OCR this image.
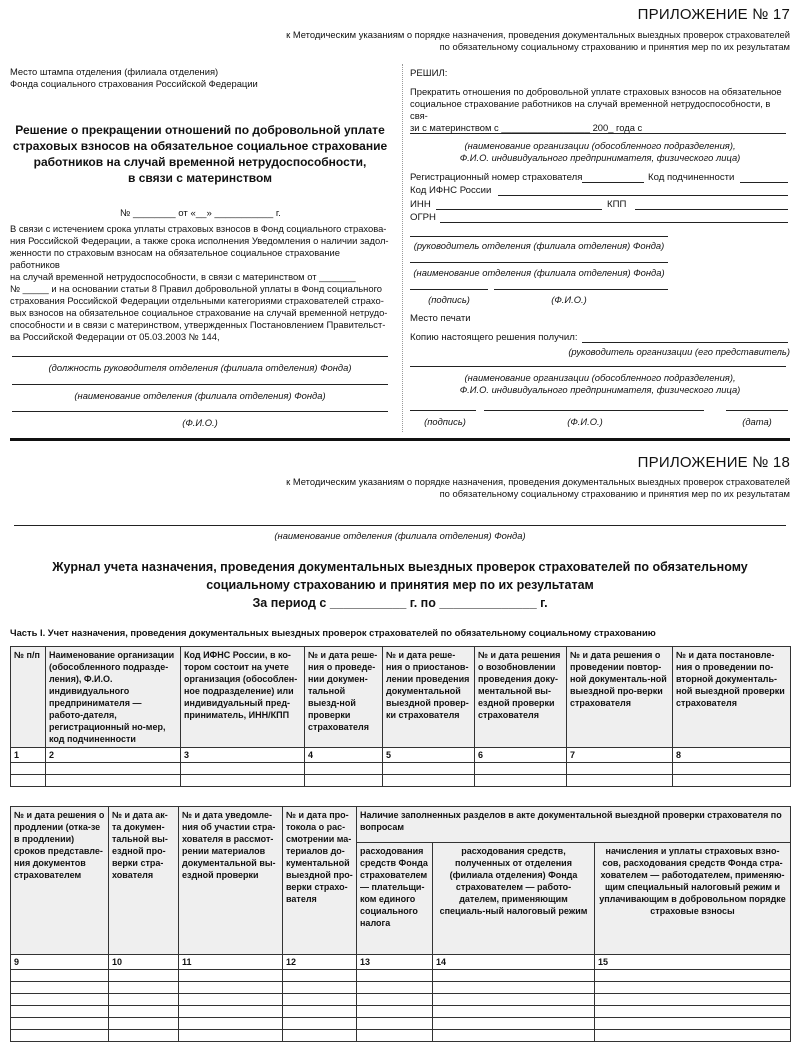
ПРИЛОЖЕНИЕ № 17
к Методическим указаниям о порядке назначения, проведения документальных выездных проверок страхователей
по обязательному социальному страхованию и принятия мер по их результатам
Место штампа отделения (филиала отделения)
Фонда социального страхования Российской Федерации
Решение о прекращении отношений по добровольной уплате
страховых взносов на обязательное социальное страхование
работников на случай временной нетрудоспособности,
в связи с материнством
№ ________ от «__» ___________ г.
В связи с истечением срока уплаты страховых взносов в Фонд социального страхова-
ния Российской Федерации, а также срока исполнения Уведомления о наличии задол-
женности по страховым взносам на обязательное социальное страхование работников
на случай временной нетрудоспособности, в связи с материнством от _______
№ _____ и на основании статьи 8 Правил добровольной уплаты в Фонд социального
страхования Российской Федерации отдельными категориями страхователей страхо-
вых взносов на обязательное социальное страхование на случай временной нетрудо-
способности и в связи с материнством, утвержденных Постановлением Правительст-
ва Российской Федерации от 05.03.2003 № 144,
(должность руководителя отделения (филиала отделения) Фонда)
(наименование отделения (филиала отделения) Фонда)
(Ф.И.О.)
РЕШИЛ:
Прекратить отношения по добровольной уплате страховых взносов на обязательное
социальное страхование работников на случай временной нетрудоспособности, в свя-
зи с материнством с _________________ 200_ года с
(наименование организации (обособленного подразделения),
Ф.И.О. индивидуального предпринимателя, физического лица)
Регистрационный номер страхователя	Код подчиненности
Код ИФНС России
ИНН	КПП
ОГРН
(руководитель отделения (филиала отделения) Фонда)
(наименование отделения (филиала отделения) Фонда)
(подпись)	(Ф.И.О.)
Место печати
Копию настоящего решения получил:
(руководитель организации (его представитель)
(наименование организации (обособленного подразделения),
Ф.И.О. индивидуального предпринимателя, физического лица)
(подпись)	(Ф.И.О.)	(дата)
ПРИЛОЖЕНИЕ № 18
к Методическим указаниям о порядке назначения, проведения документальных выездных проверок страхователей
по обязательному социальному страхованию и принятия мер по их результатам
(наименование отделения (филиала отделения) Фонда)
Журнал учета назначения, проведения документальных выездных проверок страхователей по обязательному
социальному страхованию и принятия мер по их результатам
За период с ___________ г. по ______________ г.
Часть I. Учет назначения, проведения документальных выездных проверок страхователей по обязательному социальному страхованию
№ п/п	Наименование организации (обособленного подразде-ления), Ф.И.О. индивидуального предпринимателя — работо-дателя, регистрационный но-мер, код подчиненности	Код ИФНС России, в ко-тором состоит на учете организация (обособлен-ное подразделение) или индивидуальный пред-приниматель, ИНН/КПП	№ и дата реше-ния о проведе-нии докумен-тальной выезд-ной проверки страхователя	№ и дата реше-ния о приостанов-лении проведения документальной выездной провер-ки страхователя	№ и дата решения о возобновлении проведения доку-ментальной вы-ездной проверки страхователя	№ и дата решения о проведении повтор-ной документаль-ной выездной про-верки страхователя	№ и дата постановле-ния о проведении по-вторной документаль-ной выездной проверки страхователя
1	2	3	4	5	6	7	8

№ и дата решения о продлении (отка-зе в продлении) сроков представле-ния документов страхователем	№ и дата ак-та докумен-тальной вы-ездной про-верки стра-хователя	№ и дата уведомле-ния об участии стра-хователя в рассмот-рении материалов документальной вы-ездной проверки	№ и дата про-токола о рас-смотрении ма-териалов до-кументальной выездной про-верки страхо-вателя	Наличие заполненных разделов в акте документальной выездной проверки страхователя по вопросам		
				расходования средств Фонда страхователем — плательщи-ком единого социального налога	расходования средств, полученных от отделения (филиала отделения) Фонда страхователем — работо-дателем, применяющим специаль-ный налоговый режим	начисления и уплаты страховых взно-сов, расходования средств Фонда стра-хователем — работодателем, применяю-щим специальный налоговый режим и уплачивающим в добровольном порядке страховые взносы
9	10	11	12	13	14	15
